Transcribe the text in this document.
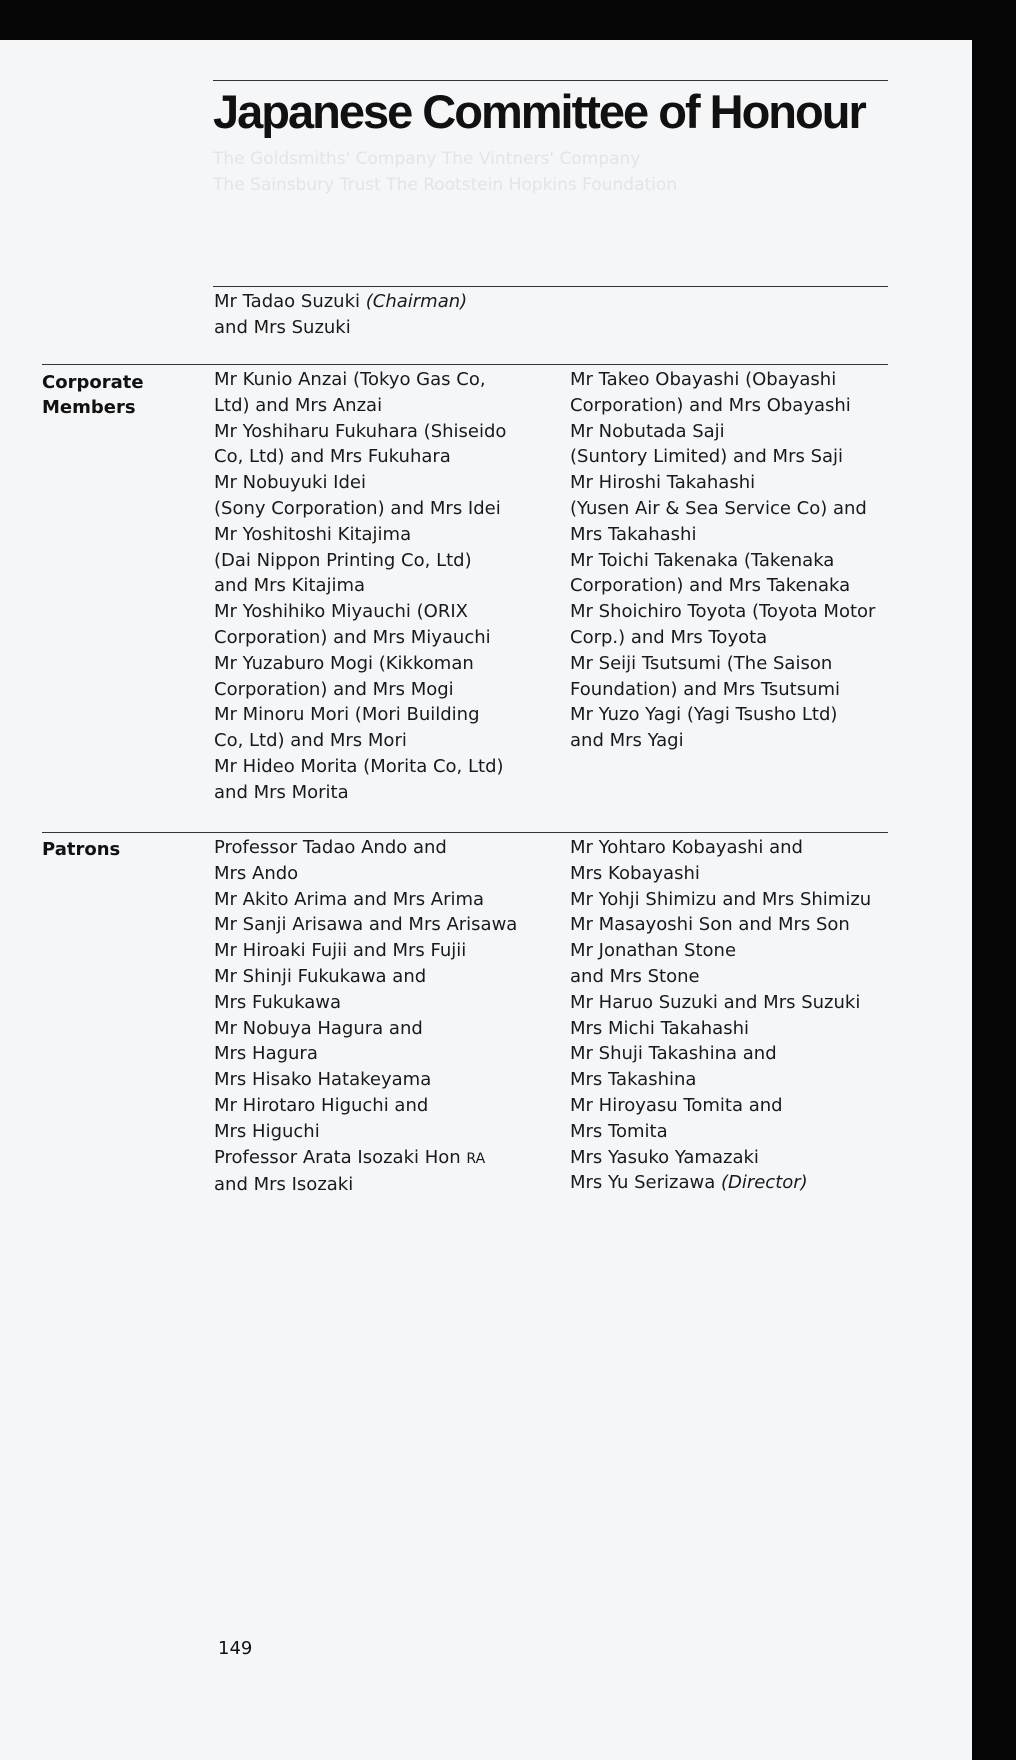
The Goldsmiths' Company The Vintners' Company
The Sainsbury Trust The Rootstein Hopkins Foundation
Japanese Committee of Honour
Mr Tadao Suzuki (Chairman)
and Mrs Suzuki
Corporate
Members
Mr Kunio Anzai (Tokyo Gas Co,
Ltd) and Mrs Anzai
Mr Yoshiharu Fukuhara (Shiseido
Co, Ltd) and Mrs Fukuhara
Mr Nobuyuki Idei
(Sony Corporation) and Mrs Idei
Mr Yoshitoshi Kitajima
(Dai Nippon Printing Co, Ltd)
and Mrs Kitajima
Mr Yoshihiko Miyauchi (ORIX
Corporation) and Mrs Miyauchi
Mr Yuzaburo Mogi (Kikkoman
Corporation) and Mrs Mogi
Mr Minoru Mori (Mori Building
Co, Ltd) and Mrs Mori
Mr Hideo Morita (Morita Co, Ltd)
and Mrs Morita
Mr Takeo Obayashi (Obayashi
Corporation) and Mrs Obayashi
Mr Nobutada Saji
(Suntory Limited) and Mrs Saji
Mr Hiroshi Takahashi
(Yusen Air & Sea Service Co) and
Mrs Takahashi
Mr Toichi Takenaka (Takenaka
Corporation) and Mrs Takenaka
Mr Shoichiro Toyota (Toyota Motor
Corp.) and Mrs Toyota
Mr Seiji Tsutsumi (The Saison
Foundation) and Mrs Tsutsumi
Mr Yuzo Yagi (Yagi Tsusho Ltd)
and Mrs Yagi
Patrons	Professor Tadao Ando and
Mrs Ando
Mr Akito Arima and Mrs Arima
Mr Sanji Arisawa and Mrs Arisawa
Mr Hiroaki Fujii and Mrs Fujii
Mr Shinji Fukukawa and
Mrs Fukukawa
Mr Nobuya Hagura and
Mrs Hagura
Mrs Hisako Hatakeyama
Mr Hirotaro Higuchi and
Mrs Higuchi
Professor Arata Isozaki Hon RA
and Mrs Isozaki
Mr Yohtaro Kobayashi and
Mrs Kobayashi
Mr Yohji Shimizu and Mrs Shimizu
Mr Masayoshi Son and Mrs Son
Mr Jonathan Stone
and Mrs Stone
Mr Haruo Suzuki and Mrs Suzuki
Mrs Michi Takahashi
Mr Shuji Takashina and
Mrs Takashina
Mr Hiroyasu Tomita and
Mrs Tomita
Mrs Yasuko Yamazaki
Mrs Yu Serizawa (Director)
149
